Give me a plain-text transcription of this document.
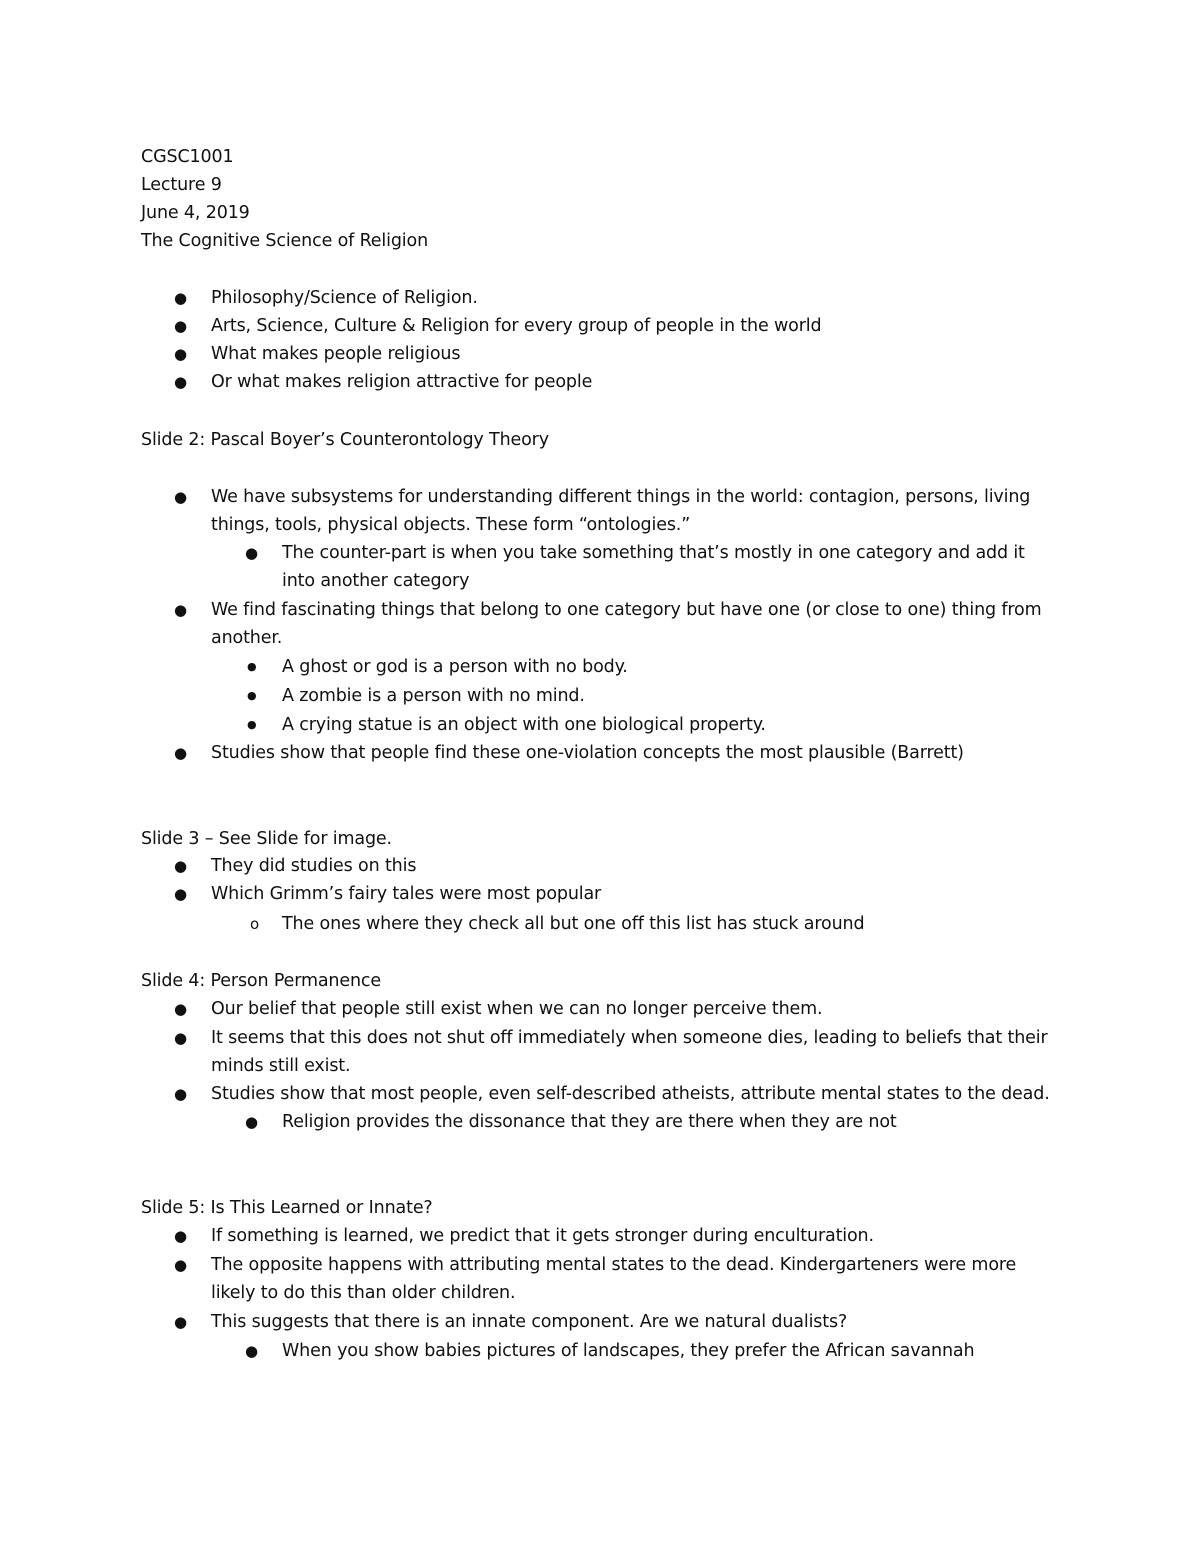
CGSC1001
Lecture 9
June 4, 2019
The Cognitive Science of Religion
● Philosophy/Science of Religion.
● Arts, Science, Culture & Religion for every group of people in the world
● What makes people religious
● Or what makes religion attractive for people
Slide 2: Pascal Boyer’s Counterontology Theory
● We have subsystems for understanding different things in the world: contagion, persons, living
things, tools, physical objects. These form “ontologies.”
● The counter-part is when you take something that’s mostly in one category and add it
into another category
● We find fascinating things that belong to one category but have one (or close to one) thing from
another.
● A ghost or god is a person with no body.
● A zombie is a person with no mind.
● A crying statue is an object with one biological property.
● Studies show that people find these one-violation concepts the most plausible (Barrett)
Slide 3 – See Slide for image.
● They did studies on this
● Which Grimm’s fairy tales were most popular
o The ones where they check all but one off this list has stuck around
Slide 4: Person Permanence
● Our belief that people still exist when we can no longer perceive them.
● It seems that this does not shut off immediately when someone dies, leading to beliefs that their
minds still exist.
● Studies show that most people, even self-described atheists, attribute mental states to the dead.
● Religion provides the dissonance that they are there when they are not
Slide 5: Is This Learned or Innate?
● If something is learned, we predict that it gets stronger during enculturation.
● The opposite happens with attributing mental states to the dead. Kindergarteners were more
likely to do this than older children.
● This suggests that there is an innate component. Are we natural dualists?
● When you show babies pictures of landscapes, they prefer the African savannah
